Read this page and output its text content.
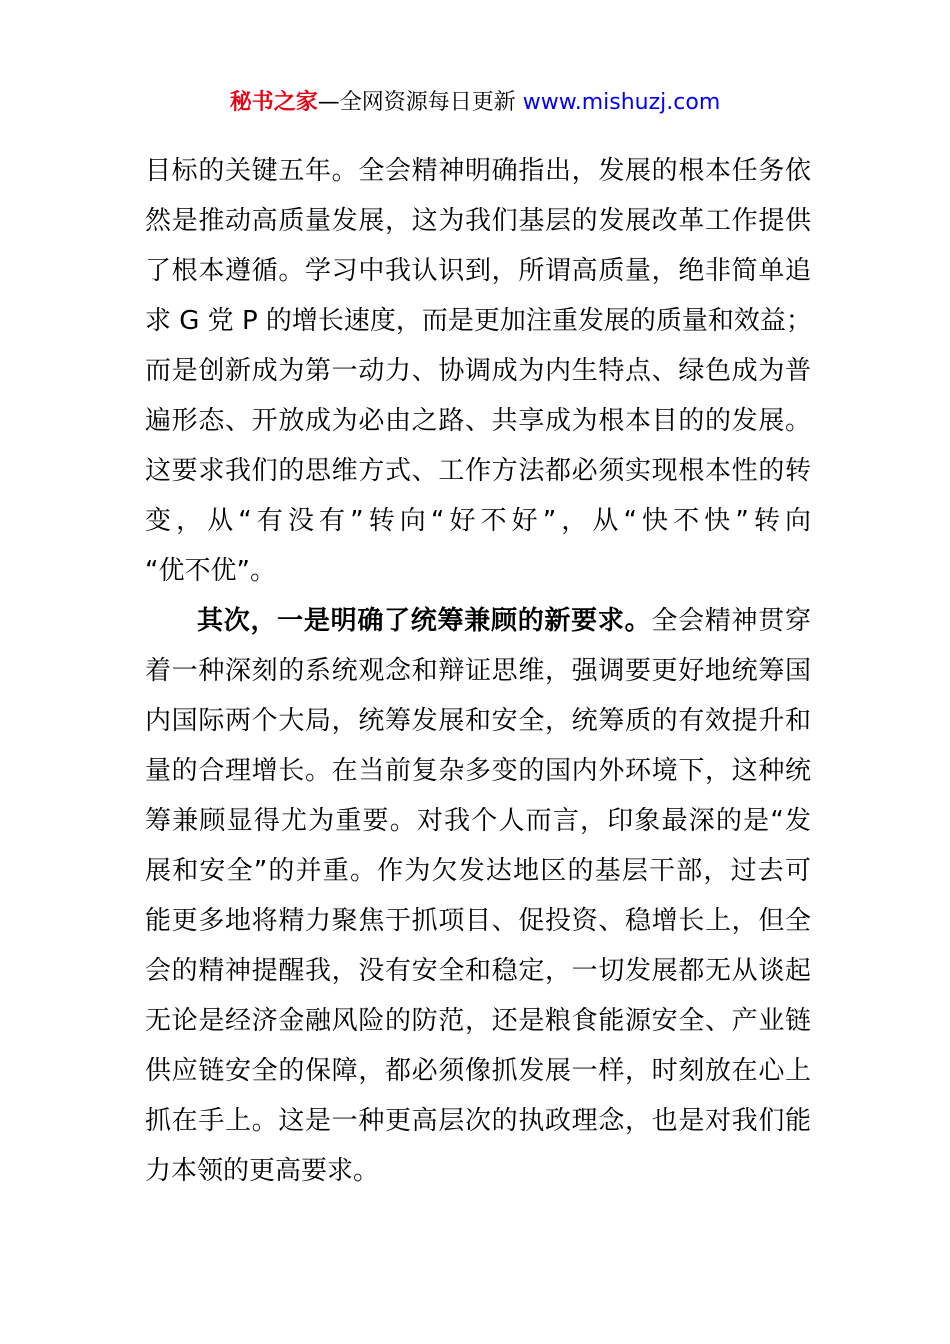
秘书之家—全网资源每日更新 www.mishuzj.com
目标的关键五年。全会精神明确指出，发展的根本任务依
然是推动高质量发展，这为我们基层的发展改革工作提供
了根本遵循。学习中我认识到，所谓高质量，绝非简单追
求 G 党 P 的增长速度，而是更加注重发展的质量和效益；
而是创新成为第一动力、协调成为内生特点、绿色成为普
遍形态、开放成为必由之路、共享成为根本目的的发展。
这要求我们的思维方式、工作方法都必须实现根本性的转
变，从“有没有”转向“好不好”，从“快不快”转向
“优不优”。
其次，一是明确了统筹兼顾的新要求。全会精神贯穿
着一种深刻的系统观念和辩证思维，强调要更好地统筹国
内国际两个大局，统筹发展和安全，统筹质的有效提升和
量的合理增长。在当前复杂多变的国内外环境下，这种统
筹兼顾显得尤为重要。对我个人而言，印象最深的是“发
展和安全”的并重。作为欠发达地区的基层干部，过去可
能更多地将精力聚焦于抓项目、促投资、稳增长上，但全
会的精神提醒我，没有安全和稳定，一切发展都无从谈起
无论是经济金融风险的防范，还是粮食能源安全、产业链
供应链安全的保障，都必须像抓发展一样，时刻放在心上
抓在手上。这是一种更高层次的执政理念，也是对我们能
力本领的更高要求。
